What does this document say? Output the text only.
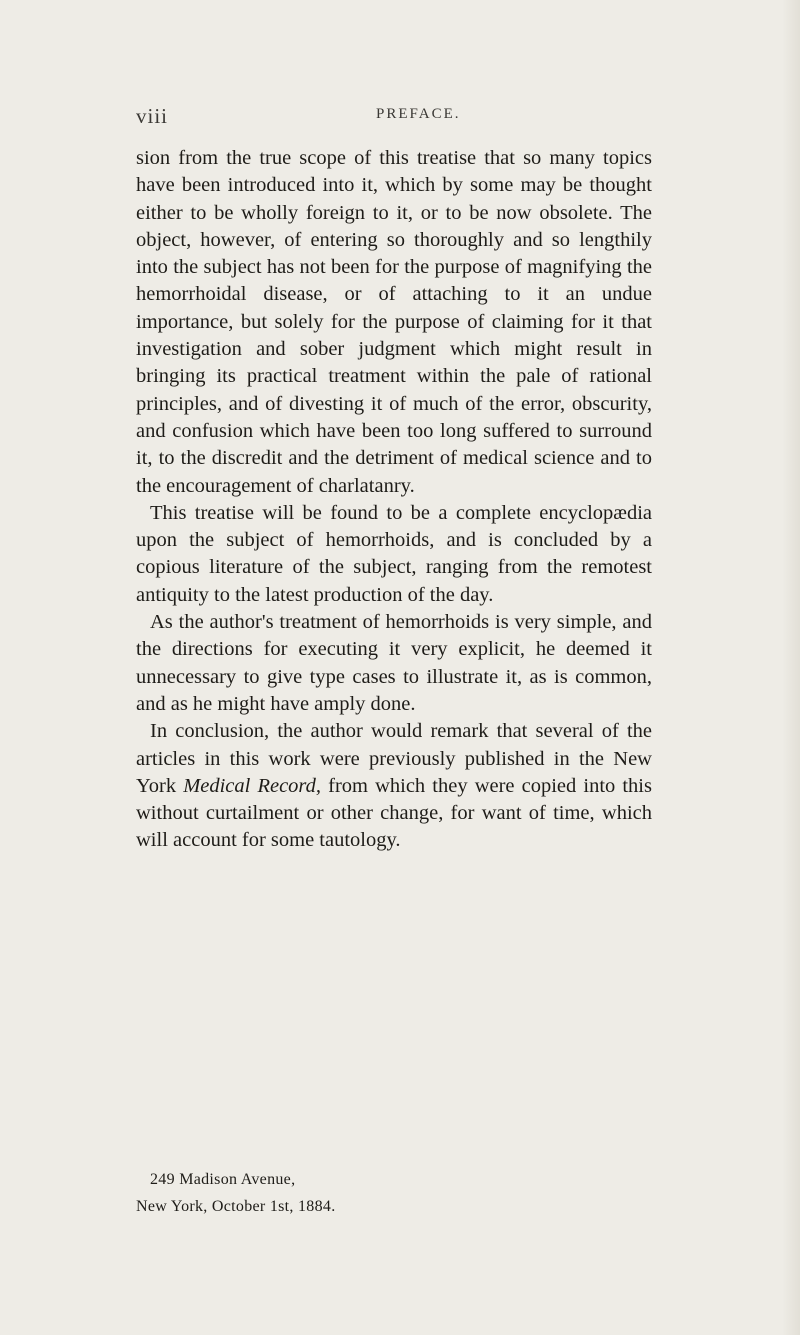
viii	PREFACE.

sion from the true scope of this treatise that so many topics have been introduced into it, which by some may be thought either to be wholly foreign to it, or to be now obsolete. The object, however, of entering so thoroughly and so lengthily into the subject has not been for the purpose of magnifying the hemorrhoidal disease, or of attaching to it an undue importance, but solely for the purpose of claiming for it that investigation and sober judgment which might result in bringing its practical treatment within the pale of rational principles, and of divesting it of much of the error, obscurity, and confusion which have been too long suffered to surround it, to the discredit and the detriment of medical science and to the encouragement of charlatanry.

This treatise will be found to be a complete encyclopædia upon the subject of hemorrhoids, and is concluded by a copious literature of the subject, ranging from the remotest antiquity to the latest production of the day.

As the author's treatment of hemorrhoids is very simple, and the directions for executing it very explicit, he deemed it unnecessary to give type cases to illustrate it, as is common, and as he might have amply done.

In conclusion, the author would remark that several of the articles in this work were previously published in the New York Medical Record, from which they were copied into this without curtailment or other change, for want of time, which will account for some tautology.

249 Madison Avenue,
New York, October 1st, 1884.
